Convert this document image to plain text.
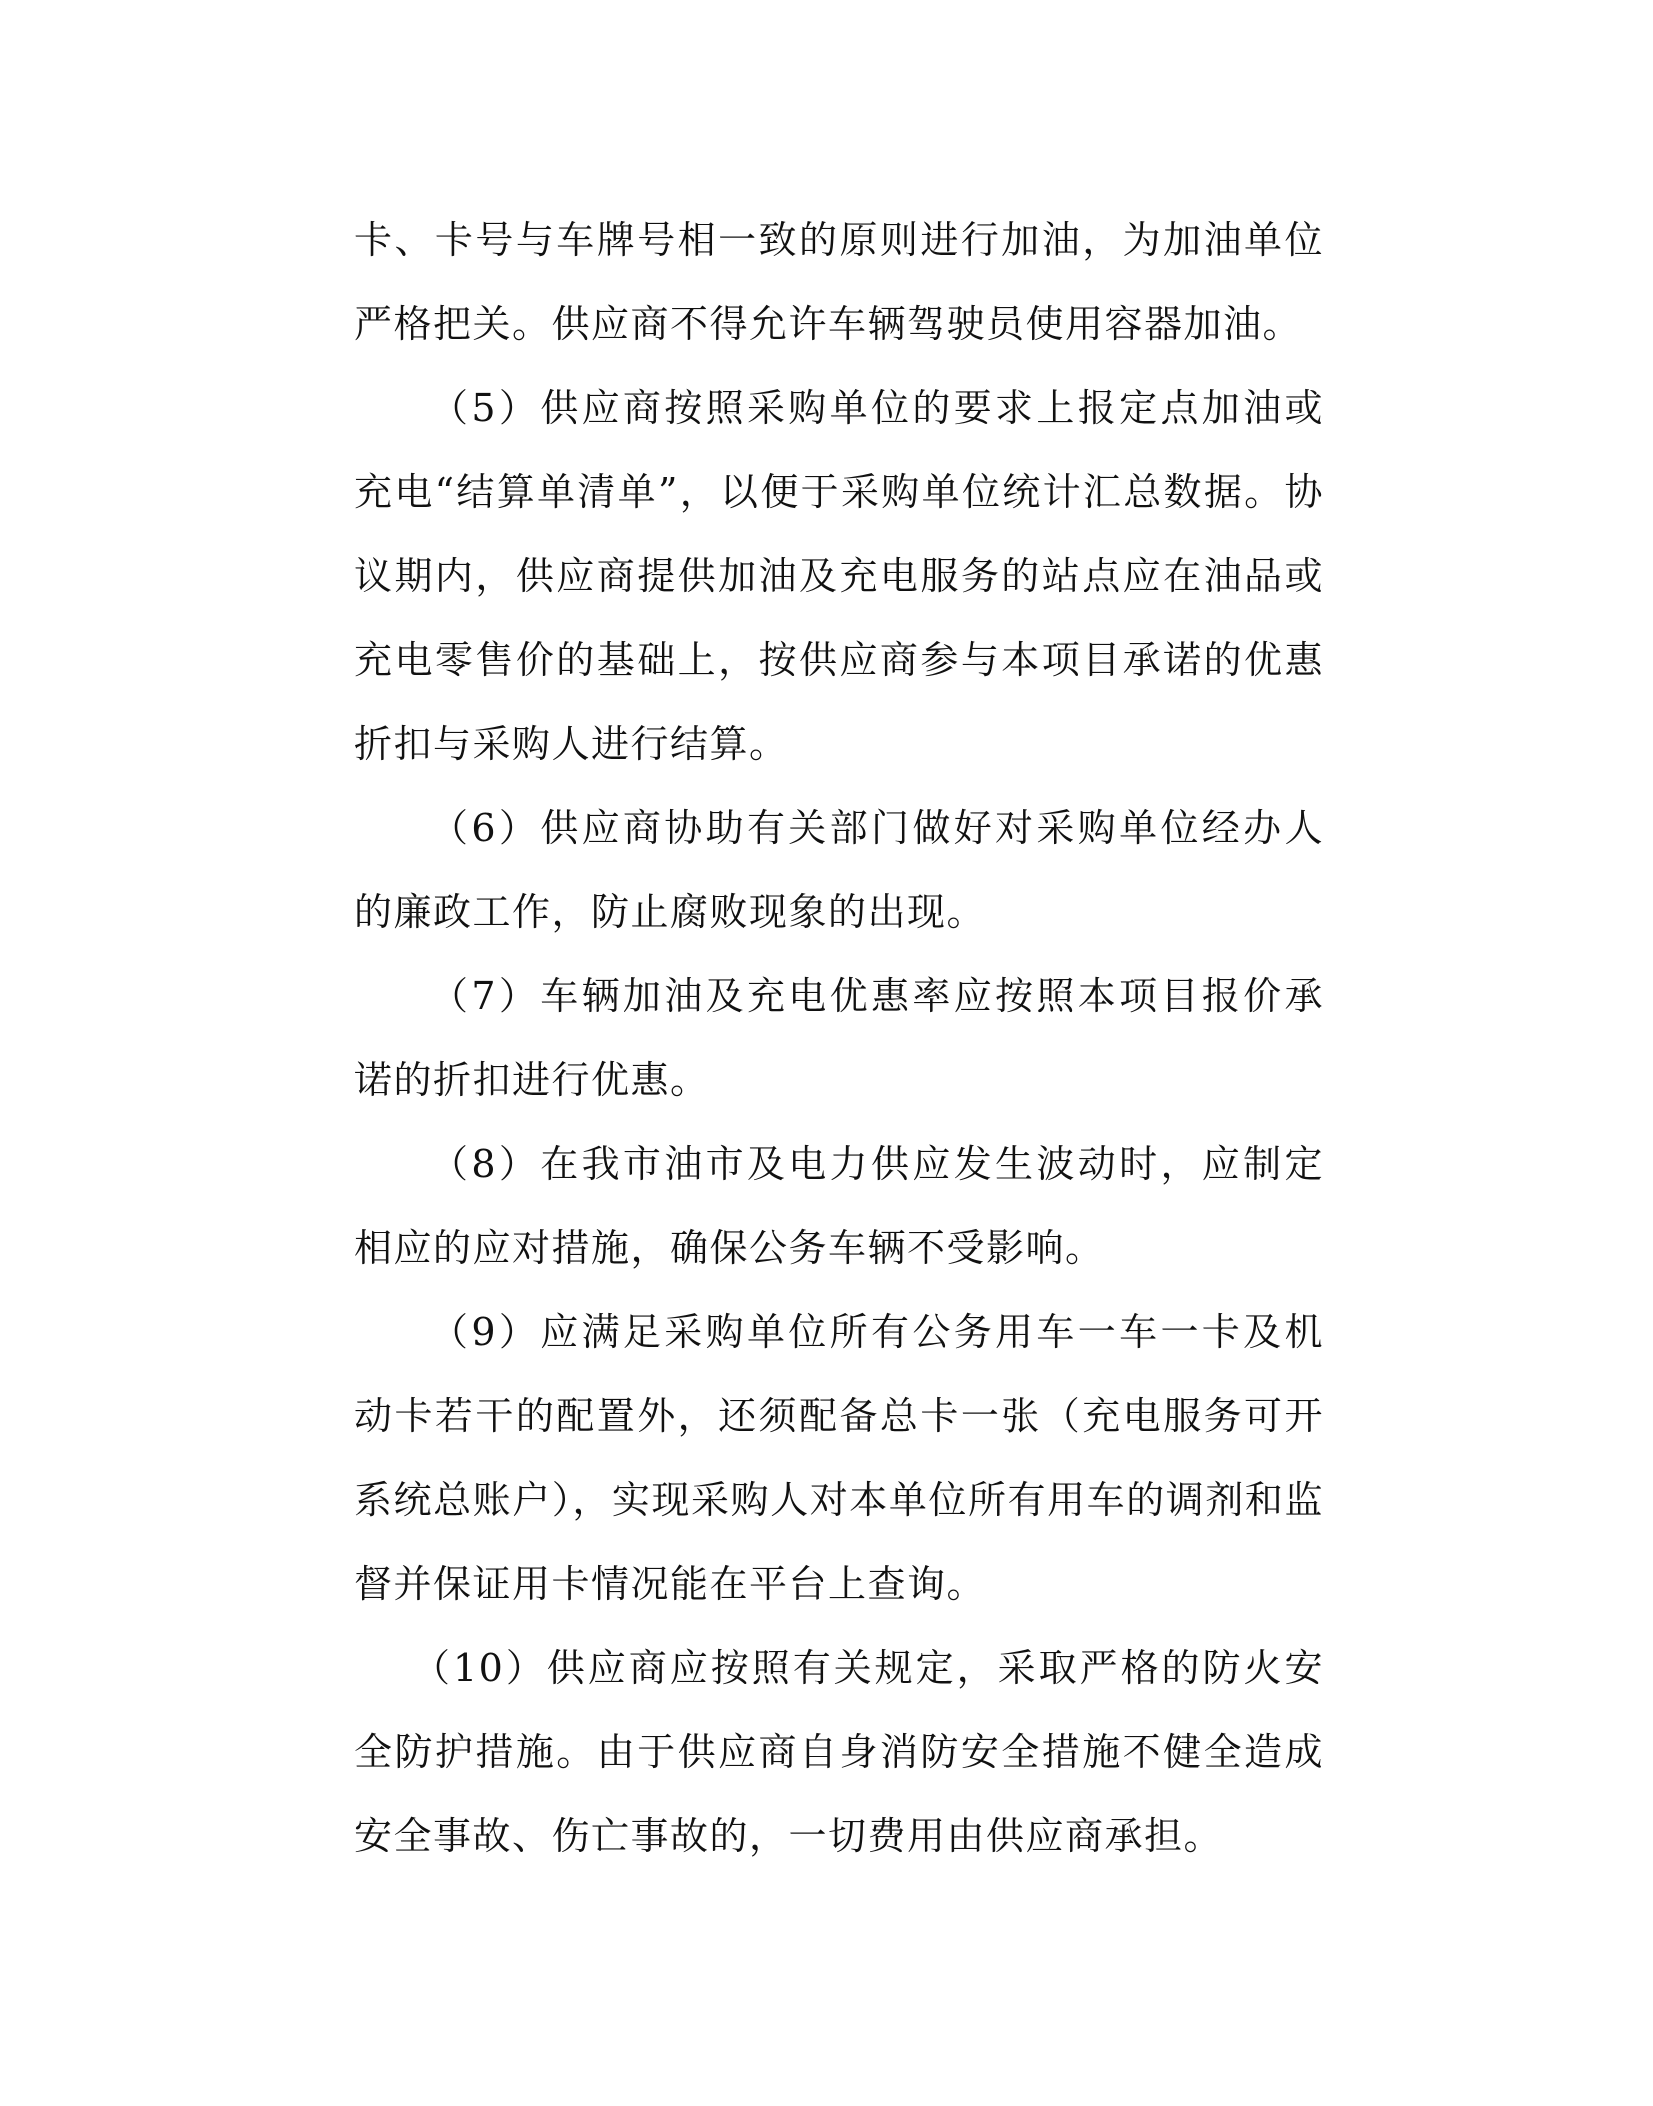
卡、卡号与车牌号相一致的原则进行加油，为加油单位严格把关。供应商不得允许车辆驾驶员使用容器加油。

（5）供应商按照采购单位的要求上报定点加油或充电“结算单清单”，以便于采购单位统计汇总数据。协议期内，供应商提供加油及充电服务的站点应在油品或充电零售价的基础上，按供应商参与本项目承诺的优惠折扣与采购人进行结算。

（6）供应商协助有关部门做好对采购单位经办人的廉政工作，防止腐败现象的出现。

（7）车辆加油及充电优惠率应按照本项目报价承诺的折扣进行优惠。

（8）在我市油市及电力供应发生波动时，应制定相应的应对措施，确保公务车辆不受影响。

（9）应满足采购单位所有公务用车一车一卡及机动卡若干的配置外，还须配备总卡一张（充电服务可开系统总账户），实现采购人对本单位所有用车的调剂和监督并保证用卡情况能在平台上查询。

（10）供应商应按照有关规定，采取严格的防火安全防护措施。由于供应商自身消防安全措施不健全造成安全事故、伤亡事故的，一切费用由供应商承担。
